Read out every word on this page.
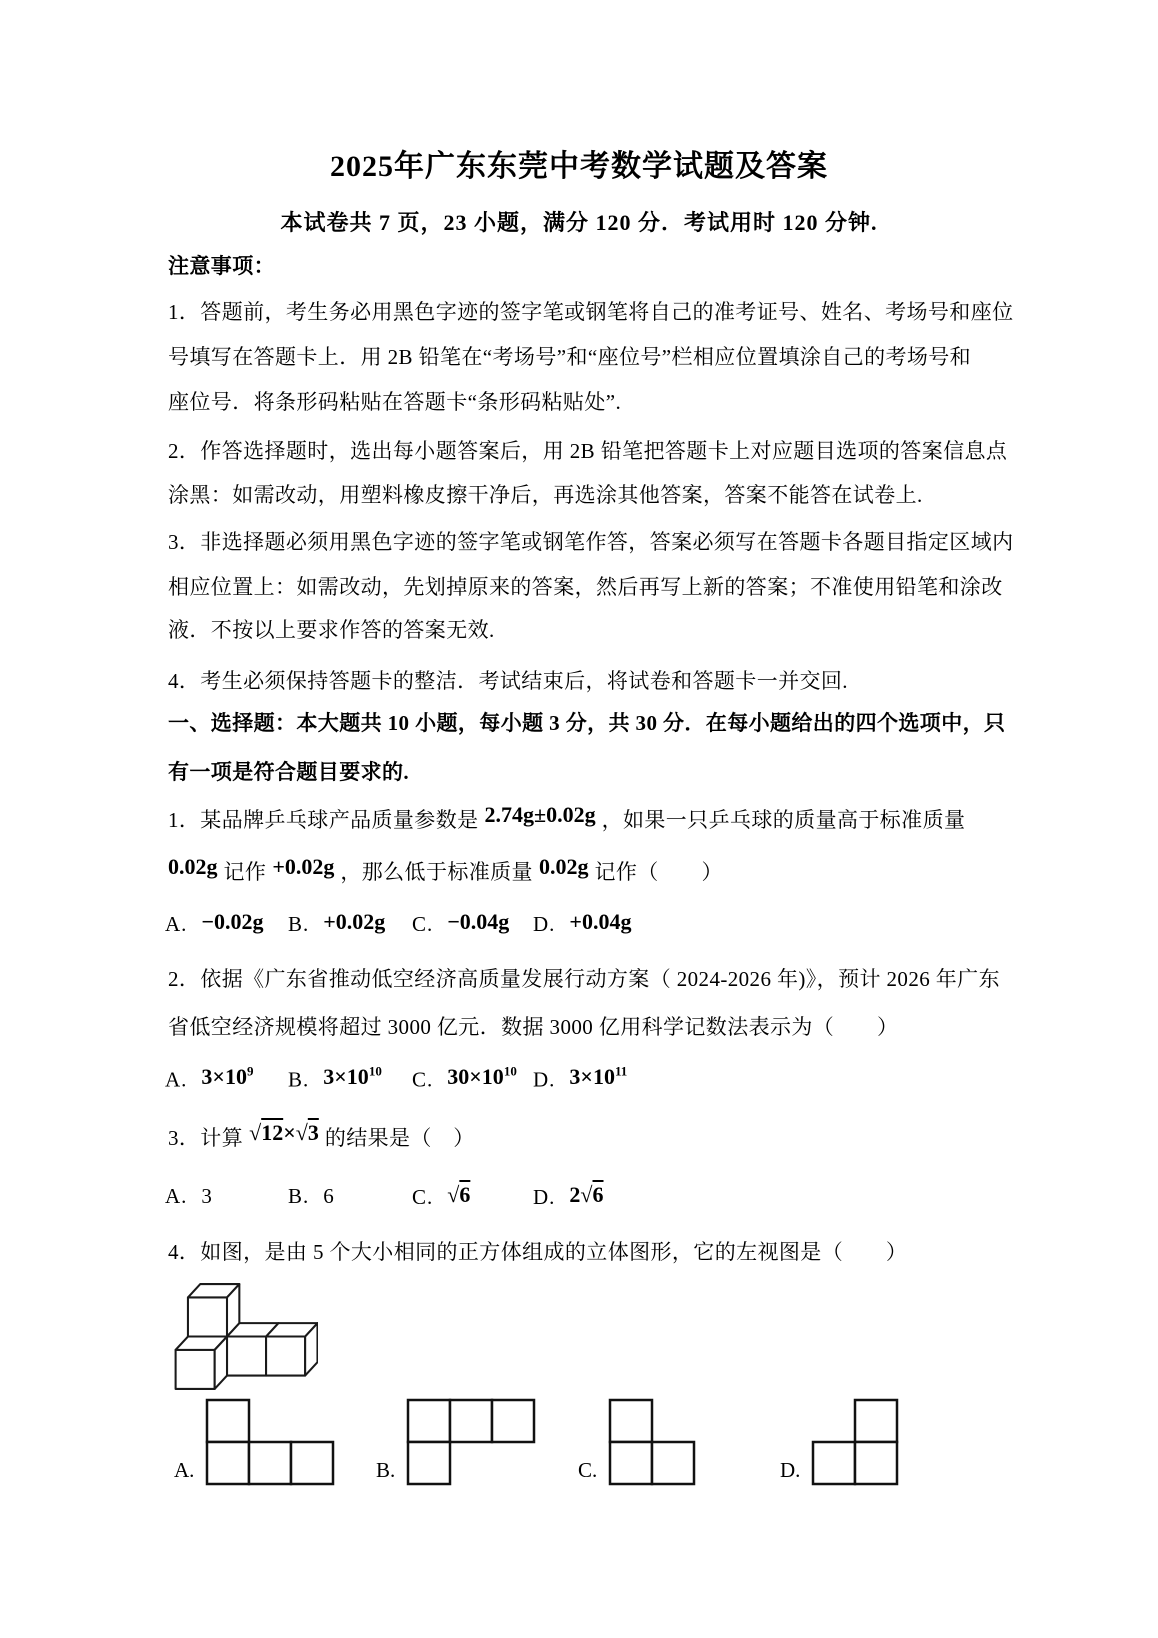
2025年广东东莞中考数学试题及答案
本试卷共 7 页，23 小题，满分 120 分．考试用时 120 分钟.
注意事项：
1．答题前，考生务必用黑色字迹的签字笔或钢笔将自己的准考证号、姓名、考场号和座位
号填写在答题卡上．用 2B 铅笔在“考场号”和“座位号”栏相应位置填涂自己的考场号和
座位号．将条形码粘贴在答题卡“条形码粘贴处”.
2．作答选择题时，选出每小题答案后，用 2B 铅笔把答题卡上对应题目选项的答案信息点
涂黑：如需改动，用塑料橡皮擦干净后，再选涂其他答案，答案不能答在试卷上.
3．非选择题必须用黑色字迹的签字笔或钢笔作答，答案必须写在答题卡各题目指定区域内
相应位置上：如需改动，先划掉原来的答案，然后再写上新的答案；不准使用铅笔和涂改
液．不按以上要求作答的答案无效.
4．考生必须保持答题卡的整洁．考试结束后，将试卷和答题卡一并交回.
一、选择题：本大题共 10 小题，每小题 3 分，共 30 分．在每小题给出的四个选项中，只
有一项是符合题目要求的.
1．某品牌乒乓球产品质量参数是 2.74g±0.02g ，如果一只乒乓球的质量高于标准质量
0.02g 记作 +0.02g ，那么低于标准质量 0.02g 记作（　　）
A. −0.02g B. +0.02g C. −0.04g D. +0.04g
2．依据《广东省推动低空经济高质量发展行动方案（ 2024-2026 年)》，预计 2026 年广东
省低空经济规模将超过 3000 亿元．数据 3000 亿用科学记数法表示为（　　）
A. $3\times 10^9$ B. $3\times 10^{10}$ C. $30\times 10^{10}$ D. $3\times 10^{11}$
3．计算 √12×√3 的结果是（　）
A. 3	B. 6	C. √6	D. 2√6
4．如图，是由 5 个大小相同的正方体组成的立体图形，它的左视图是（　　）
A.	B.	C.	D.
